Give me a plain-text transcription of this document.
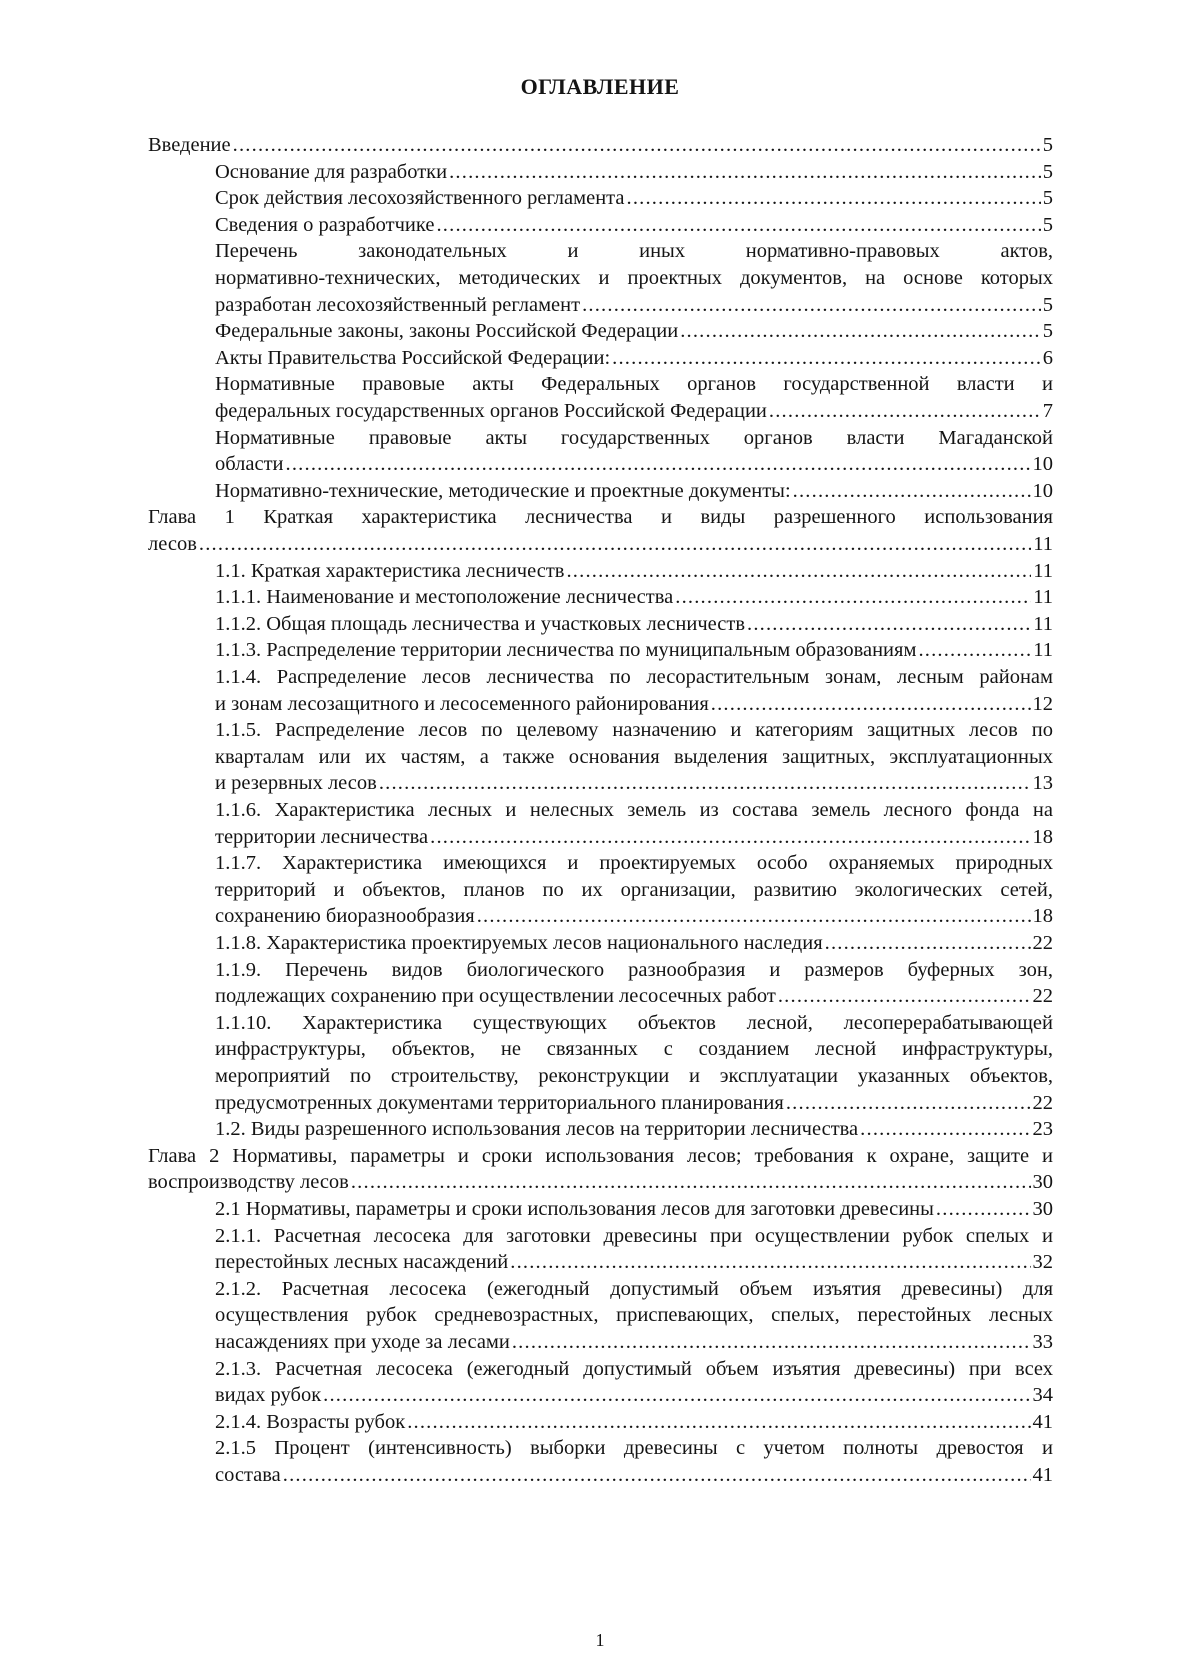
ОГЛАВЛЕНИЕ
Введение .....	5
Основание для разработки .....	5
Срок действия лесохозяйственного регламента .....	5
Сведения о разработчике .....	5
Перечень законодательных и иных нормативно-правовых актов,
нормативно-технических, методических и проектных документов, на основе которых
разработан лесохозяйственный регламент .....	5
Федеральные законы, законы Российской Федерации .....	5
Акты Правительства Российской Федерации: .....	6
Нормативные правовые акты Федеральных органов государственной власти и
федеральных государственных органов Российской Федерации .....	7
Нормативные правовые акты государственных органов власти Магаданской
области .....	10
Нормативно-технические, методические и проектные документы: .....	10
Глава 1 Краткая характеристика лесничества и виды разрешенного использования
лесов .....	11
1.1. Краткая характеристика лесничеств .....	11
1.1.1. Наименование и местоположение лесничества .....	11
1.1.2. Общая площадь лесничества и участковых лесничеств .....	11
1.1.3. Распределение территории лесничества по муниципальным образованиям .....	11
1.1.4. Распределение лесов лесничества по лесорастительным зонам, лесным районам
и зонам лесозащитного и лесосеменного районирования .....	12
1.1.5. Распределение лесов по целевому назначению и категориям защитных лесов по
кварталам или их частям, а также основания выделения защитных, эксплуатационных
и резервных лесов .....	13
1.1.6. Характеристика лесных и нелесных земель из состава земель лесного фонда на
территории лесничества .....	18
1.1.7. Характеристика имеющихся и проектируемых особо охраняемых природных
территорий и объектов, планов по их организации, развитию экологических сетей,
сохранению биоразнообразия .....	18
1.1.8. Характеристика проектируемых лесов национального наследия .....	22
1.1.9. Перечень видов биологического разнообразия и размеров буферных зон,
подлежащих сохранению при осуществлении лесосечных работ .....	22
1.1.10. Характеристика существующих объектов лесной, лесоперерабатывающей
инфраструктуры, объектов, не связанных с созданием лесной инфраструктуры,
мероприятий по строительству, реконструкции и эксплуатации указанных объектов,
предусмотренных документами территориального планирования .....	22
1.2. Виды разрешенного использования лесов на территории лесничества .....	23
Глава 2 Нормативы, параметры и сроки использования лесов; требования к охране, защите и
воспроизводству лесов .....	30
2.1 Нормативы, параметры и сроки использования лесов для заготовки древесины .....	30
2.1.1. Расчетная лесосека для заготовки древесины при осуществлении рубок спелых и
перестойных лесных насаждений .....	32
2.1.2. Расчетная лесосека (ежегодный допустимый объем изъятия древесины) для
осуществления рубок средневозрастных, приспевающих, спелых, перестойных лесных
насаждениях при уходе за лесами .....	33
2.1.3. Расчетная лесосека (ежегодный допустимый объем изъятия древесины) при всех
видах рубок .....	34
2.1.4. Возрасты рубок .....	41
2.1.5 Процент (интенсивность) выборки древесины с учетом полноты древостоя и
состава .....	41
1
